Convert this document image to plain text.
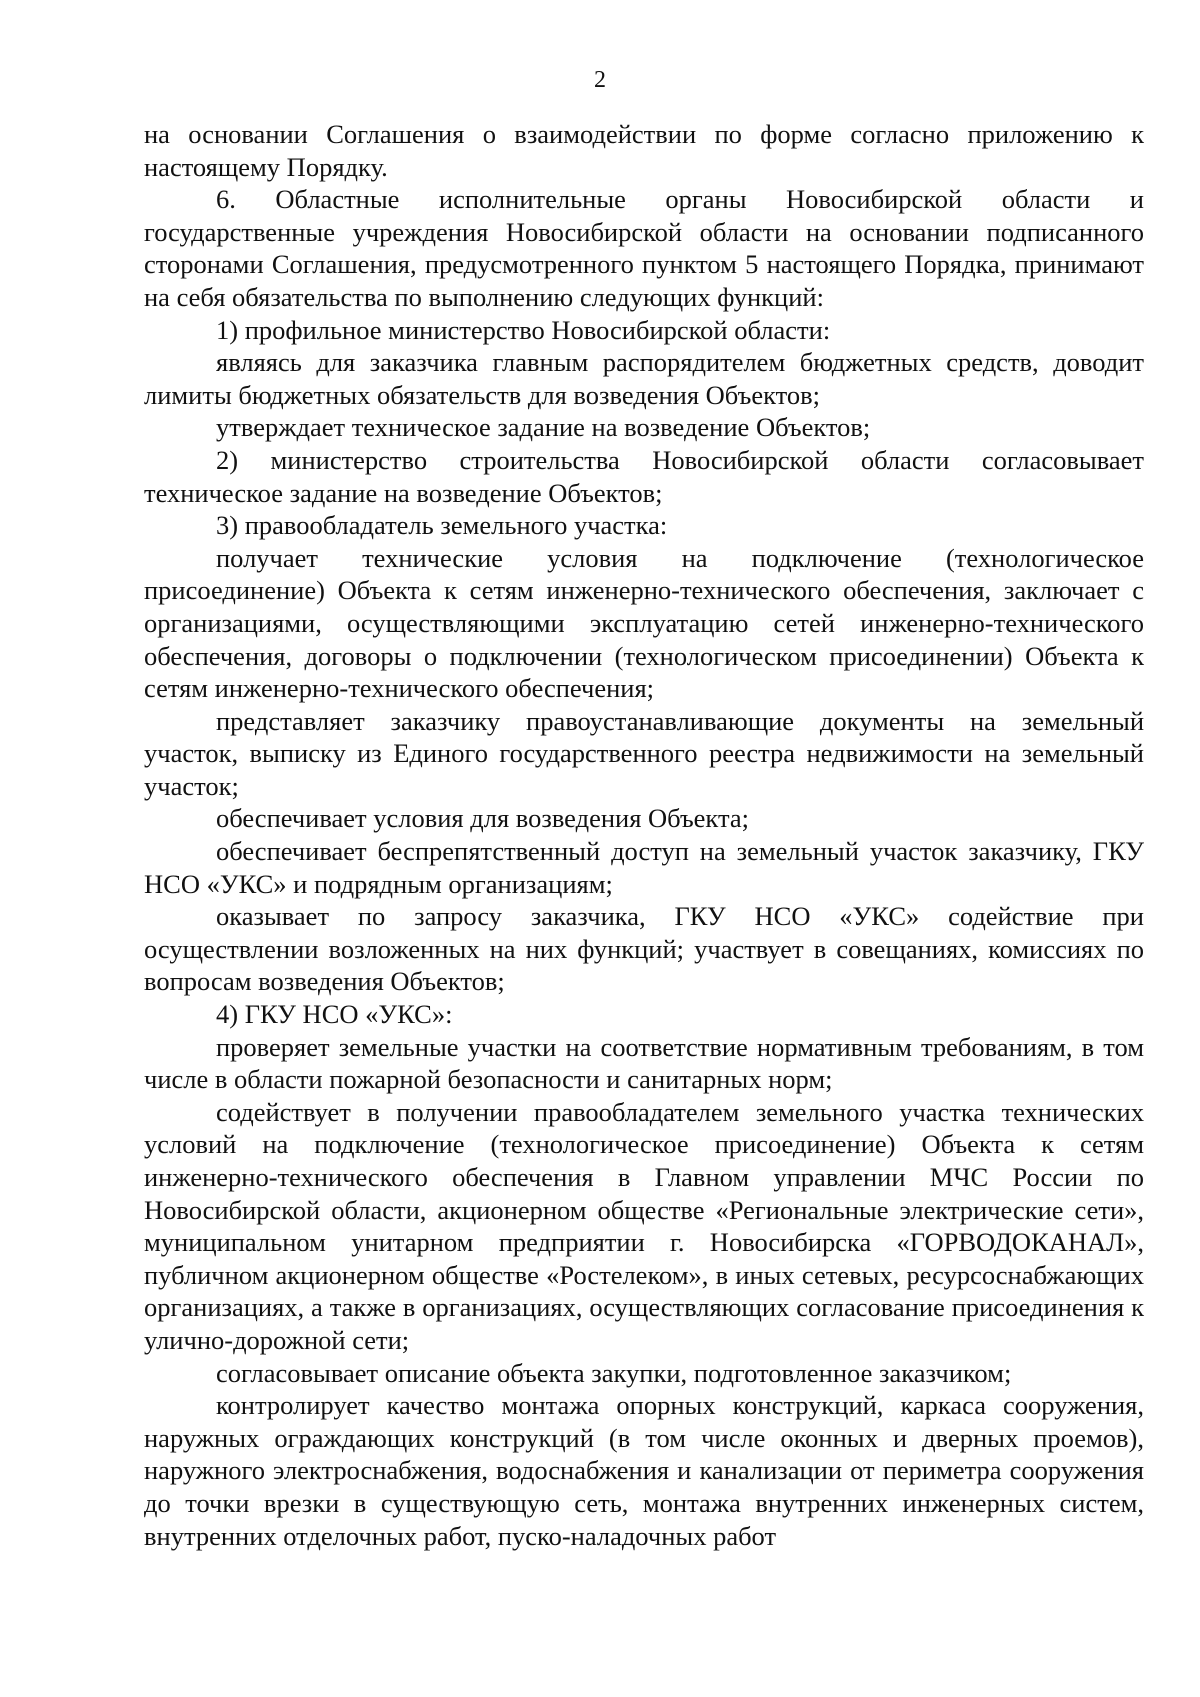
2

на основании Соглашения о взаимодействии по форме согласно приложению к настоящему Порядку.

6. Областные исполнительные органы Новосибирской области и государственные учреждения Новосибирской области на основании подписанного сторонами Соглашения, предусмотренного пунктом 5 настоящего Порядка, принимают на себя обязательства по выполнению следующих функций:

1) профильное министерство Новосибирской области:

являясь для заказчика главным распорядителем бюджетных средств, доводит лимиты бюджетных обязательств для возведения Объектов;

утверждает техническое задание на возведение Объектов;

2) министерство строительства Новосибирской области согласовывает техническое задание на возведение Объектов;

3) правообладатель земельного участка:

получает технические условия на подключение (технологическое присоединение) Объекта к сетям инженерно-технического обеспечения, заключает с организациями, осуществляющими эксплуатацию сетей инженерно-технического обеспечения, договоры о подключении (технологическом присоединении) Объекта к сетям инженерно-технического обеспечения;

представляет заказчику правоустанавливающие документы на земельный участок, выписку из Единого государственного реестра недвижимости на земельный участок;

обеспечивает условия для возведения Объекта;

обеспечивает беспрепятственный доступ на земельный участок заказчику, ГКУ НСО «УКС» и подрядным организациям;

оказывает по запросу заказчика, ГКУ НСО «УКС» содействие при осуществлении возложенных на них функций; участвует в совещаниях, комиссиях по вопросам возведения Объектов;

4) ГКУ НСО «УКС»:

проверяет земельные участки на соответствие нормативным требованиям, в том числе в области пожарной безопасности и санитарных норм;

содействует в получении правообладателем земельного участка технических условий на подключение (технологическое присоединение) Объекта к сетям инженерно-технического обеспечения в Главном управлении МЧС России по Новосибирской области, акционерном обществе «Региональные электрические сети», муниципальном унитарном предприятии г. Новосибирска «ГОРВОДОКАНАЛ», публичном акционерном обществе «Ростелеком», в иных сетевых, ресурсоснабжающих организациях, а также в организациях, осуществляющих согласование присоединения к улично-дорожной сети;

согласовывает описание объекта закупки, подготовленное заказчиком;

контролирует качество монтажа опорных конструкций, каркаса сооружения, наружных ограждающих конструкций (в том числе оконных и дверных проемов), наружного электроснабжения, водоснабжения и канализации от периметра сооружения до точки врезки в существующую сеть, монтажа внутренних инженерных систем, внутренних отделочных работ, пуско-наладочных работ
